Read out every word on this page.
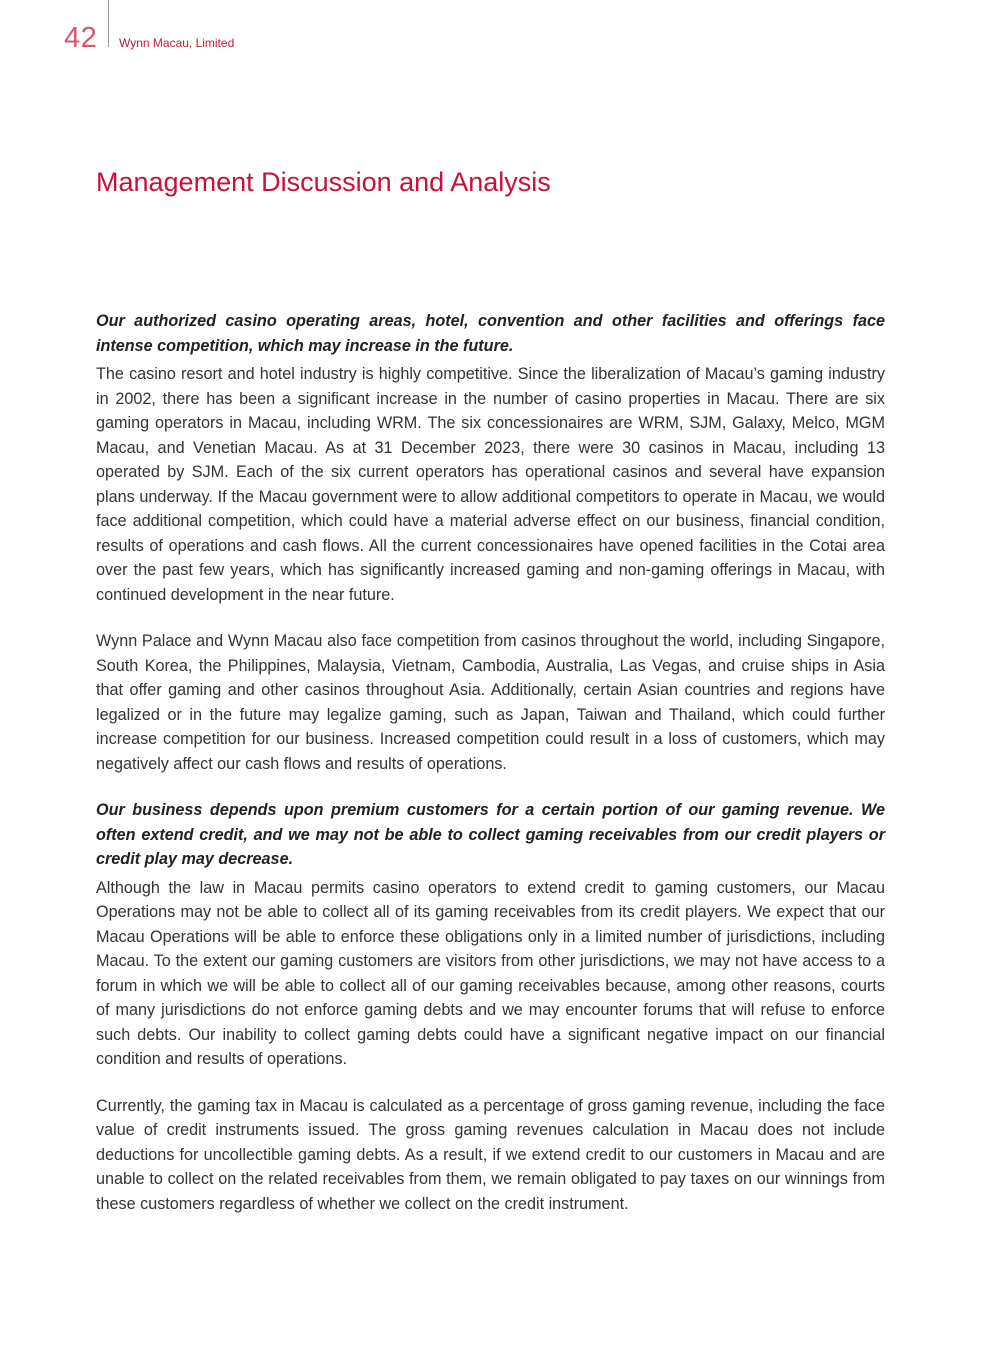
42 Wynn Macau, Limited
Management Discussion and Analysis

Our authorized casino operating areas, hotel, convention and other facilities and offerings face intense competition, which may increase in the future.

The casino resort and hotel industry is highly competitive. Since the liberalization of Macau’s gaming industry in 2002, there has been a significant increase in the number of casino properties in Macau. There are six gaming operators in Macau, including WRM. The six concessionaires are WRM, SJM, Galaxy, Melco, MGM Macau, and Venetian Macau. As at 31 December 2023, there were 30 casinos in Macau, including 13 operated by SJM. Each of the six current operators has operational casinos and several have expansion plans underway. If the Macau government were to allow additional competitors to operate in Macau, we would face additional competition, which could have a material adverse effect on our business, financial condition, results of operations and cash flows. All the current concessionaires have opened facilities in the Cotai area over the past few years, which has significantly increased gaming and non-gaming offerings in Macau, with continued development in the near future.

Wynn Palace and Wynn Macau also face competition from casinos throughout the world, including Singapore, South Korea, the Philippines, Malaysia, Vietnam, Cambodia, Australia, Las Vegas, and cruise ships in Asia that offer gaming and other casinos throughout Asia. Additionally, certain Asian countries and regions have legalized or in the future may legalize gaming, such as Japan, Taiwan and Thailand, which could further increase competition for our business. Increased competition could result in a loss of customers, which may negatively affect our cash flows and results of operations.

Our business depends upon premium customers for a certain portion of our gaming revenue. We often extend credit, and we may not be able to collect gaming receivables from our credit players or credit play may decrease.

Although the law in Macau permits casino operators to extend credit to gaming customers, our Macau Operations may not be able to collect all of its gaming receivables from its credit players. We expect that our Macau Operations will be able to enforce these obligations only in a limited number of jurisdictions, including Macau. To the extent our gaming customers are visitors from other jurisdictions, we may not have access to a forum in which we will be able to collect all of our gaming receivables because, among other reasons, courts of many jurisdictions do not enforce gaming debts and we may encounter forums that will refuse to enforce such debts. Our inability to collect gaming debts could have a significant negative impact on our financial condition and results of operations.

Currently, the gaming tax in Macau is calculated as a percentage of gross gaming revenue, including the face value of credit instruments issued. The gross gaming revenues calculation in Macau does not include deductions for uncollectible gaming debts. As a result, if we extend credit to our customers in Macau and are unable to collect on the related receivables from them, we remain obligated to pay taxes on our winnings from these customers regardless of whether we collect on the credit instrument.
